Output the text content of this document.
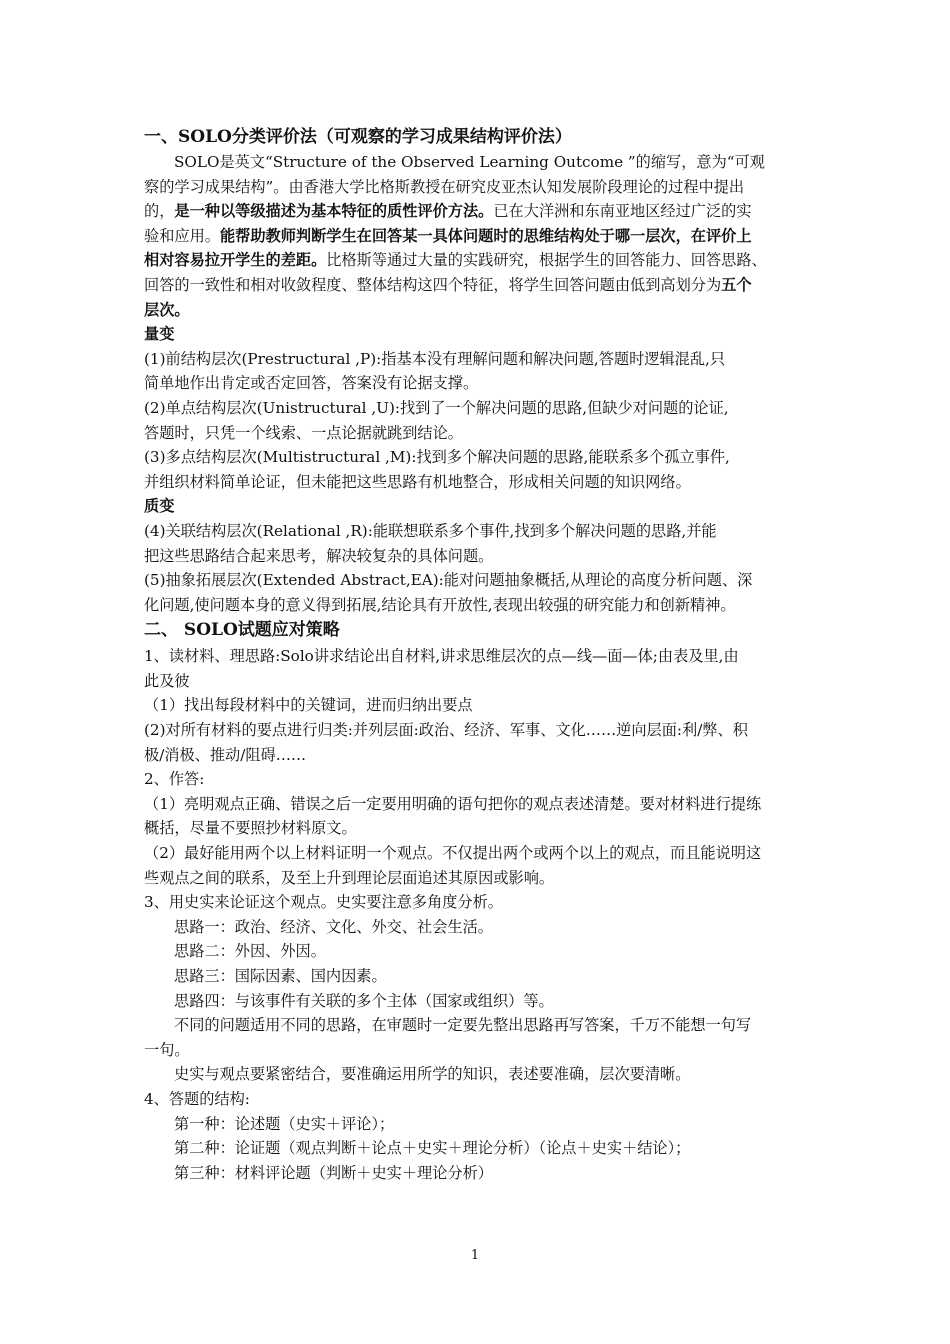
一、SOLO分类评价法（可观察的学习成果结构评价法）
SOLO是英文“Structure of the Observed Learning Outcome ”的缩写，意为“可观
察的学习成果结构”。由香港大学比格斯教授在研究皮亚杰认知发展阶段理论的过程中提出
的，是一种以等级描述为基本特征的质性评价方法。已在大洋洲和东南亚地区经过广泛的实
验和应用。能帮助教师判断学生在回答某一具体问题时的思维结构处于哪一层次，在评价上
相对容易拉开学生的差距。比格斯等通过大量的实践研究，根据学生的回答能力、回答思路、
回答的一致性和相对收敛程度、整体结构这四个特征，将学生回答问题由低到高划分为五个
层次。
量变
(1)前结构层次(Prestructural ,P):指基本没有理解问题和解决问题,答题时逻辑混乱,只
简单地作出肯定或否定回答，答案没有论据支撑。
(2)单点结构层次(Unistructural ,U):找到了一个解决问题的思路,但缺少对问题的论证,
答题时，只凭一个线索、一点论据就跳到结论。
(3)多点结构层次(Multistructural ,M):找到多个解决问题的思路,能联系多个孤立事件,
并组织材料简单论证，但未能把这些思路有机地整合，形成相关问题的知识网络。
质变
(4)关联结构层次(Relational ,R):能联想联系多个事件,找到多个解决问题的思路,并能
把这些思路结合起来思考，解决较复杂的具体问题。
(5)抽象拓展层次(Extended Abstract,EA):能对问题抽象概括,从理论的高度分析问题、深
化问题,使问题本身的意义得到拓展,结论具有开放性,表现出较强的研究能力和创新精神。
二、 SOLO试题应对策略
1、读材料、理思路:Solo讲求结论出自材料,讲求思维层次的点—线—面—体;由表及里,由
此及彼
（1）找出每段材料中的关键词，进而归纳出要点
(2)对所有材料的要点进行归类:并列层面:政治、经济、军事、文化……逆向层面:利/弊、积
极/消极、推动/阻碍……
2、作答:
（1）亮明观点正确、错误之后一定要用明确的语句把你的观点表述清楚。要对材料进行提练
概括，尽量不要照抄材料原文。
（2）最好能用两个以上材料证明一个观点。不仅提出两个或两个以上的观点，而且能说明这
些观点之间的联系，及至上升到理论层面追述其原因或影响。
3、用史实来论证这个观点。史实要注意多角度分析。
思路一：政治、经济、文化、外交、社会生活。
思路二：外因、外因。
思路三：国际因素、国内因素。
思路四：与该事件有关联的多个主体（国家或组织）等。
不同的问题适用不同的思路，在审题时一定要先整出思路再写答案，千万不能想一句写
一句。
史实与观点要紧密结合，要准确运用所学的知识，表述要准确，层次要清晰。
4、答题的结构:
第一种：论述题（史实＋评论）；
第二种：论证题（观点判断＋论点＋史实＋理论分析）（论点＋史实＋结论）；
第三种：材料评论题（判断＋史实＋理论分析）
1
